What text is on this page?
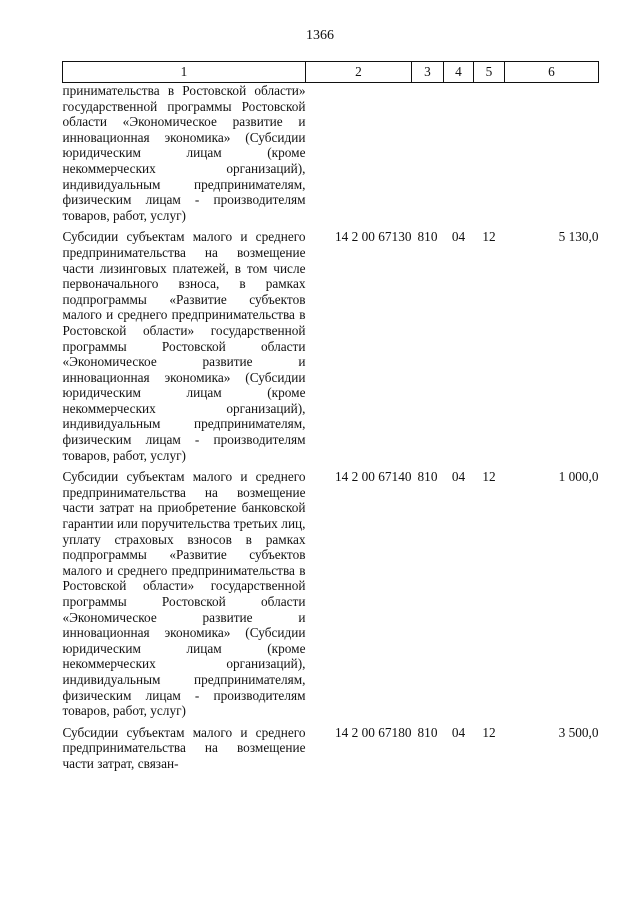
1366
1	2	3	4	5	6
принимательства в Ростовской области» государственной программы Ростовской области «Экономическое развитие и инновационная экономика» (Субсидии юридическим лицам (кроме некоммерческих организаций), индивидуальным предпринимателям, физическим лицам - производителям товаров, работ, услуг)					
Субсидии субъектам малого и среднего предпринимательства на возмещение части лизинговых платежей, в том числе первоначального взноса, в рамках подпрограммы «Развитие субъектов малого и среднего предпринимательства в Ростовской области» государственной программы Ростовской области «Экономическое развитие и инновационная экономика» (Субсидии юридическим лицам (кроме некоммерческих организаций), индивидуальным предпринимателям, физическим лицам - производителям товаров, работ, услуг)	14 2 00 67130	810	04	12	5 130,0
Субсидии субъектам малого и среднего предпринимательства на возмещение части затрат на приобретение банковской гарантии или поручительства третьих лиц, уплату страховых взносов в рамках подпрограммы «Развитие субъектов малого и среднего предпринимательства в Ростовской области» государственной программы Ростовской области «Экономическое развитие и инновационная экономика» (Субсидии юридическим лицам (кроме некоммерческих организаций), индивидуальным предпринимателям, физическим лицам - производителям товаров, работ, услуг)	14 2 00 67140	810	04	12	1 000,0
Субсидии субъектам малого и среднего предпринимательства на возмещение части затрат, связан-	14 2 00 67180	810	04	12	3 500,0
